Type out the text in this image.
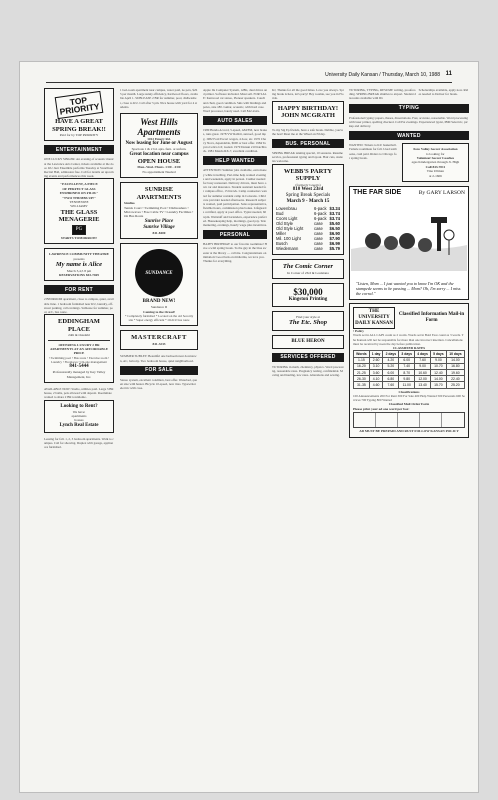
University Daily Kansan / Thursday, March 10, 1988 11
TOP PRIORITY
HAVE A GREAT
SPRING BREAK!!
Paid for by TOP PRIORITY
ENTERTAINMENT
ONE LUCKY SINGER: An evening of acoustic music at the Lawrence Arts Center, tickets available at the door. KU Jazz Ensemble performs Tuesday at Swarthout Recital Hall, admission free. Call for details on upcoming events and performances this week.
"EXCELLENT, A PIECE
OF PERFECT GLASS
ENSHRINED ON FILM."
"TWO THUMBS UP!"
TENNESSEE
WILLIAMS'
THE GLASS MENAGERIE
PG
STARTS TOMORROW!
LAWRENCE COMMUNITY THEATRE
presents
My name is Alice
March 3,4,5 8 pm
RESERVATIONS 843-7469
FOR RENT
2 BEDROOM apartment, close to campus, quiet, available June. 1 bedroom furnished near KU, laundry, off-street parking, call evenings. Sublease for summer, pool, A/C, bus route.
EDDINGHAM PLACE
24th & Ousdahl
OFFERING LUXURY 2 BR APARTMENTS AT AN AFFORDABLE PRICE
• Swimming pool • Bus route • Exercise room • Laundry • Fireplaces • On-site management
841-5444
Professionally managed by Key Valley Management, Inc.
AVAILABLE NOW: Studio, utilities paid. Large 3 BR house, 2 baths, pets allowed with deposit. Roommate wanted to share 2 BR townhome.
Looking to Rent?
We have:
apartments
houses
Lynch Real Estate
Leasing for fall. 1, 2, 3 bedroom apartments. Walk to campus. Call for showing. Duplex with garage, appliances furnished.
1 bed-room apartment near campus, water paid, no pets, $265 per month. Large sunny efficiency, hardwood floors, available April 1. SUBLEASE 2 BR for summer, pool, dishwasher, close to KU. Call after 5 pm. Nice house with yard for 4 students.
West Hills Apartments
1012 Emery Rd.
Now leasing for June or August
Spacious 1 & 2 bd. apts. furn. or unfurn.
Great location near campus
OPEN HOUSE
Mon.-Wed.-Thurs. 1:00 - 4:00
No appointment Needed
SUNRISE APARTMENTS
Studios
Tennis Court • Swimming Pool • Dishwashers • Microwaves • Free Cable TV • Laundry Facilities • On Bus Route
Sunrise Place
Sunrise Village
841-8400
SUNDANCE
BRAND NEW!
Sundance II
Coming to the Oread!
* Completely furnished * Located on the old Sorority site * Super energy efficient * On KU bus route
MASTERCRAFT
841-3233
SUMMER SUBLET: Beautiful one bedroom near downtown, AC, balcony. Two bedroom house, quiet neighborhood.
FOR SALE
Stereo system, excellent condition, best offer. Waterbed, queen size with heater. Bicycle 10-speed, new tires. Typewriter electric with case.
Apple IIe Computer System, 128K, dual drives and printer. Software included. Must sell. FOR SALE: Kenwood car stereo, Pioneer speakers. Couch and chair, good condition. Skis with bindings and poles, size 180. Guitar, acoustic, with hard case. Word processor, barely used. Call 842-xxxx.
AUTO SALES
1980 Honda Accord, 5-speed, AM/FM, new brakes, runs great. 1978 VW Rabbit, sunroof, good mpg. 1982 Ford Escort wagon, 4 door, air. 1976 Chevy Nova, dependable, $600 or best offer. 1984 Toyota Celica GT, loaded. 1979 Datsun 210 hatchback. 1981 Mazda RX-7, excellent condition.
HELP WANTED
ATTENTION: Summer jobs available, earn money while travelling. Part-time help wanted evenings and weekends, apply in person. Cashier needed for busy restaurant. Delivery drivers, must have own car and insurance. Student assistant needed for campus office, 15 hrs/wk. Camp counselors wanted for summer resident camp in Colorado. Child care provider needed afternoons. Research subjects wanted, paid participation. Sales representative, flexible hours, commission plus bonus. Lifeguards certified, apply at pool office. Typist needed, 60 wpm. Waitstaff and bartenders, experience preferred. Housekeeping help, mornings, good pay. Telemarketing, evenings, hourly wage plus incentives.
PERSONAL
HAPPY BIRTHDAY to our favorite roommate! Have a wild spring break. To the guy in the blue sweater at the library — call me. Congratulations on initiation! Good luck on midterms, we love you. Thanks for everything.
KJ, Thanks for all the good times. Love you always. Spring break is here, let's party! Hey roomie, see you in Florida.
HAPPY BIRTHDAY!
JOHN MCGRATH
To my Sig Ep friends, have a safe break. Debbie, you're the best! Meet me at the Wheel on Friday.
BUS. PERSONAL
SPRING BREAK tanning special, 10 sessions. Resume service, professional typing and layout. Hair cuts, students welcome.
WEBB'S PARTY SUPPLY
(formerly Green's)
810 West 23rd
Spring Break Specials
March 9 - March 15
Lowenbrau	6-pack $3.24
Bud	6-pack $3.74
Coors Light	6-pack $3.74
Old Style	case	$5.60
Old Style Light	case	$6.50
Miller	case	$6.90
Mil. 100 Light	case	$7.90
Busch	case	$6.99
Wiedemann	case	$5.79
The Comic Corner
In Corner of 23rd & Louisiana
$30,000
Kingston Printing
Find your style at
The Etc. Shop
BLUE HERON
SERVICES OFFERED
TUTORING in math, chemistry, physics. Word processing, reasonable rates. Pregnancy testing, confidential. Moving and hauling, low rates. Alterations and sewing.
TUTORING, TYPING, RESUME writing, proofreading. SPRING BREAK shuttles to airport. Student discounts available with ID.
Scholarships available, apply now. Rides needed to Denver for break.
TYPING
Professional typing: papers, theses, dissertations. Fast, accurate, reasonable. Word processing with laser printer, spelling checked. Call Pat evenings. Experienced typist, IBM Selectric, pickup and delivery.
WANTED
Kaw Valley Soccer Association
is looking for
Volunteer Soccer Coaches
ages Kindergarten through Jr. High
Call 843-7011
Tina Ullman
at 2-1606
WANTED: Tickets to KU basketball. Female roommate for fall. Used textbooks, cash paid. Riders to Chicago for spring break.
THE FAR SIDE	By GARY LARSON
"Listen, Mom ... I just wanted you to know I'm OK and the stampede seems to be passing ... Mom? Oh, I'm sorry ... I miss the corral."
THE UNIVERSITY DAILY KANSAN
Classified Information Mail-in Form
• Policy
Words set in ALL CAPS count as 2 words. Words set in Bold Face count as 3 words. The Kansan will not be responsible for more than one incorrect insertion. Cancellations must be received by noon the day before publication.
CLASSIFIED RATES
Words	1 day	2 days	3 days	4 days	5 days	10 days
1-15	2.60	4.20	6.00	7.60	9.00	14.00
16-20	3.10	5.20	7.40	9.00	10.70	16.80
21-25	3.60	6.00	8.70	10.60	12.40	19.60
26-30	4.10	6.80	9.80	12.00	14.00	22.40
31-35	4.60	7.60	11.00	13.40	15.70	25.20
Classifications
100 Announcements 200 For Rent 300 For Sale 400 Help Wanted 500 Personals 600 Services 700 Typing 800 Wanted
Classified Mail Order Form
Please print your ad one word per box:
AD MUST BE PREPAID AND RUST FOLLOW KANSAN POLICY
